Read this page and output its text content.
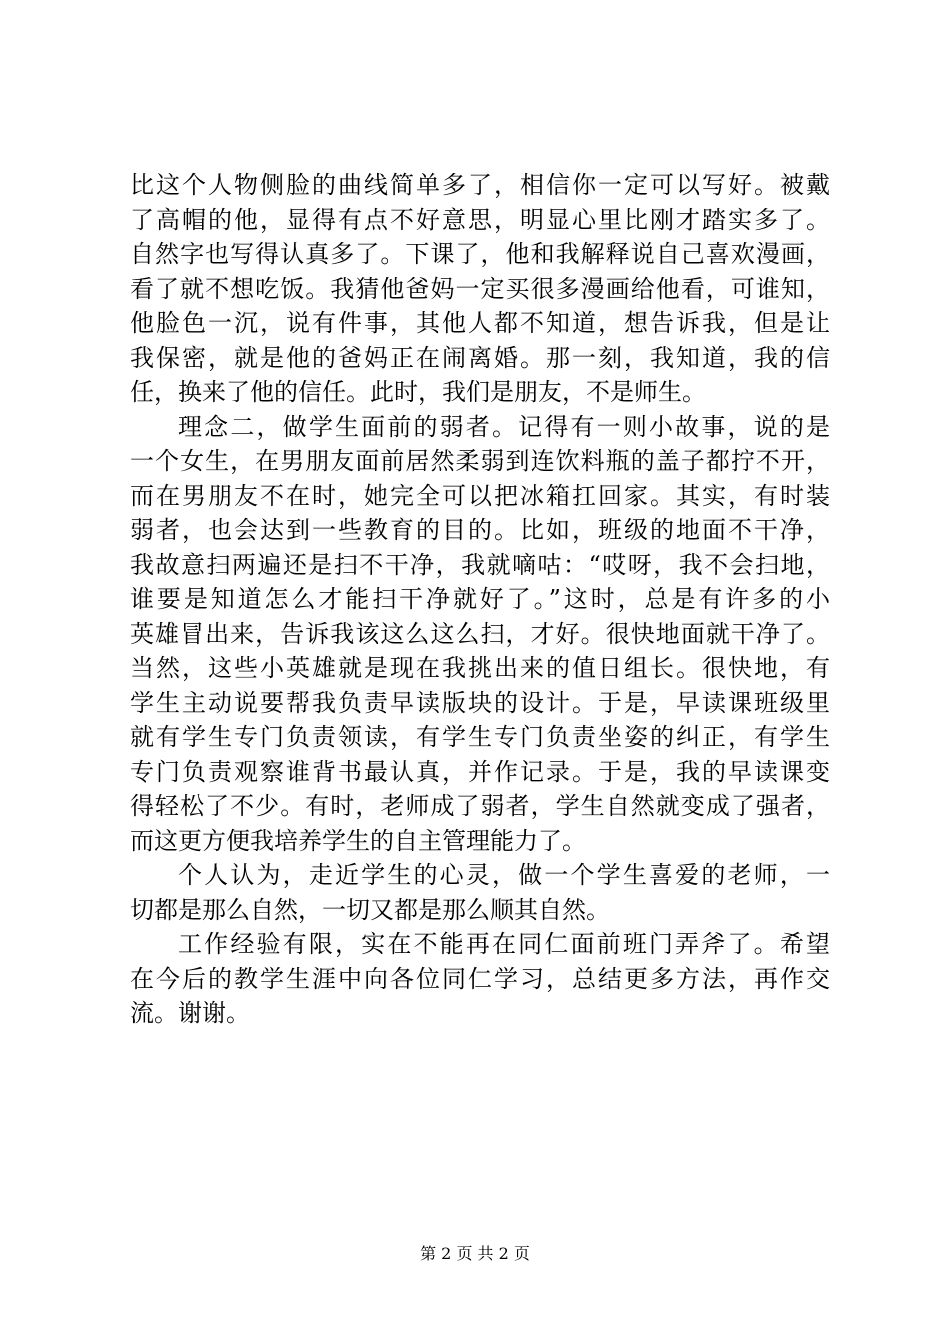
比这个人物侧脸的曲线简单多了，相信你一定可以写好。被戴
了高帽的他，显得有点不好意思，明显心里比刚才踏实多了。
自然字也写得认真多了。下课了，他和我解释说自己喜欢漫画，
看了就不想吃饭。我猜他爸妈一定买很多漫画给他看，可谁知，
他脸色一沉，说有件事，其他人都不知道，想告诉我，但是让
我保密，就是他的爸妈正在闹离婚。那一刻，我知道，我的信
任，换来了他的信任。此时，我们是朋友，不是师生。
理念二，做学生面前的弱者。记得有一则小故事，说的是
一个女生，在男朋友面前居然柔弱到连饮料瓶的盖子都拧不开，
而在男朋友不在时，她完全可以把冰箱扛回家。其实，有时装
弱者，也会达到一些教育的目的。比如，班级的地面不干净，
我故意扫两遍还是扫不干净，我就嘀咕：“哎呀，我不会扫地，
谁要是知道怎么才能扫干净就好了。”这时，总是有许多的小
英雄冒出来，告诉我该这么这么扫，才好。很快地面就干净了。
当然，这些小英雄就是现在我挑出来的值日组长。很快地，有
学生主动说要帮我负责早读版块的设计。于是，早读课班级里
就有学生专门负责领读，有学生专门负责坐姿的纠正，有学生
专门负责观察谁背书最认真，并作记录。于是，我的早读课变
得轻松了不少。有时，老师成了弱者，学生自然就变成了强者，
而这更方便我培养学生的自主管理能力了。
个人认为，走近学生的心灵，做一个学生喜爱的老师，一
切都是那么自然，一切又都是那么顺其自然。
工作经验有限，实在不能再在同仁面前班门弄斧了。希望
在今后的教学生涯中向各位同仁学习，总结更多方法，再作交
流。谢谢。
第 2 页 共 2 页
